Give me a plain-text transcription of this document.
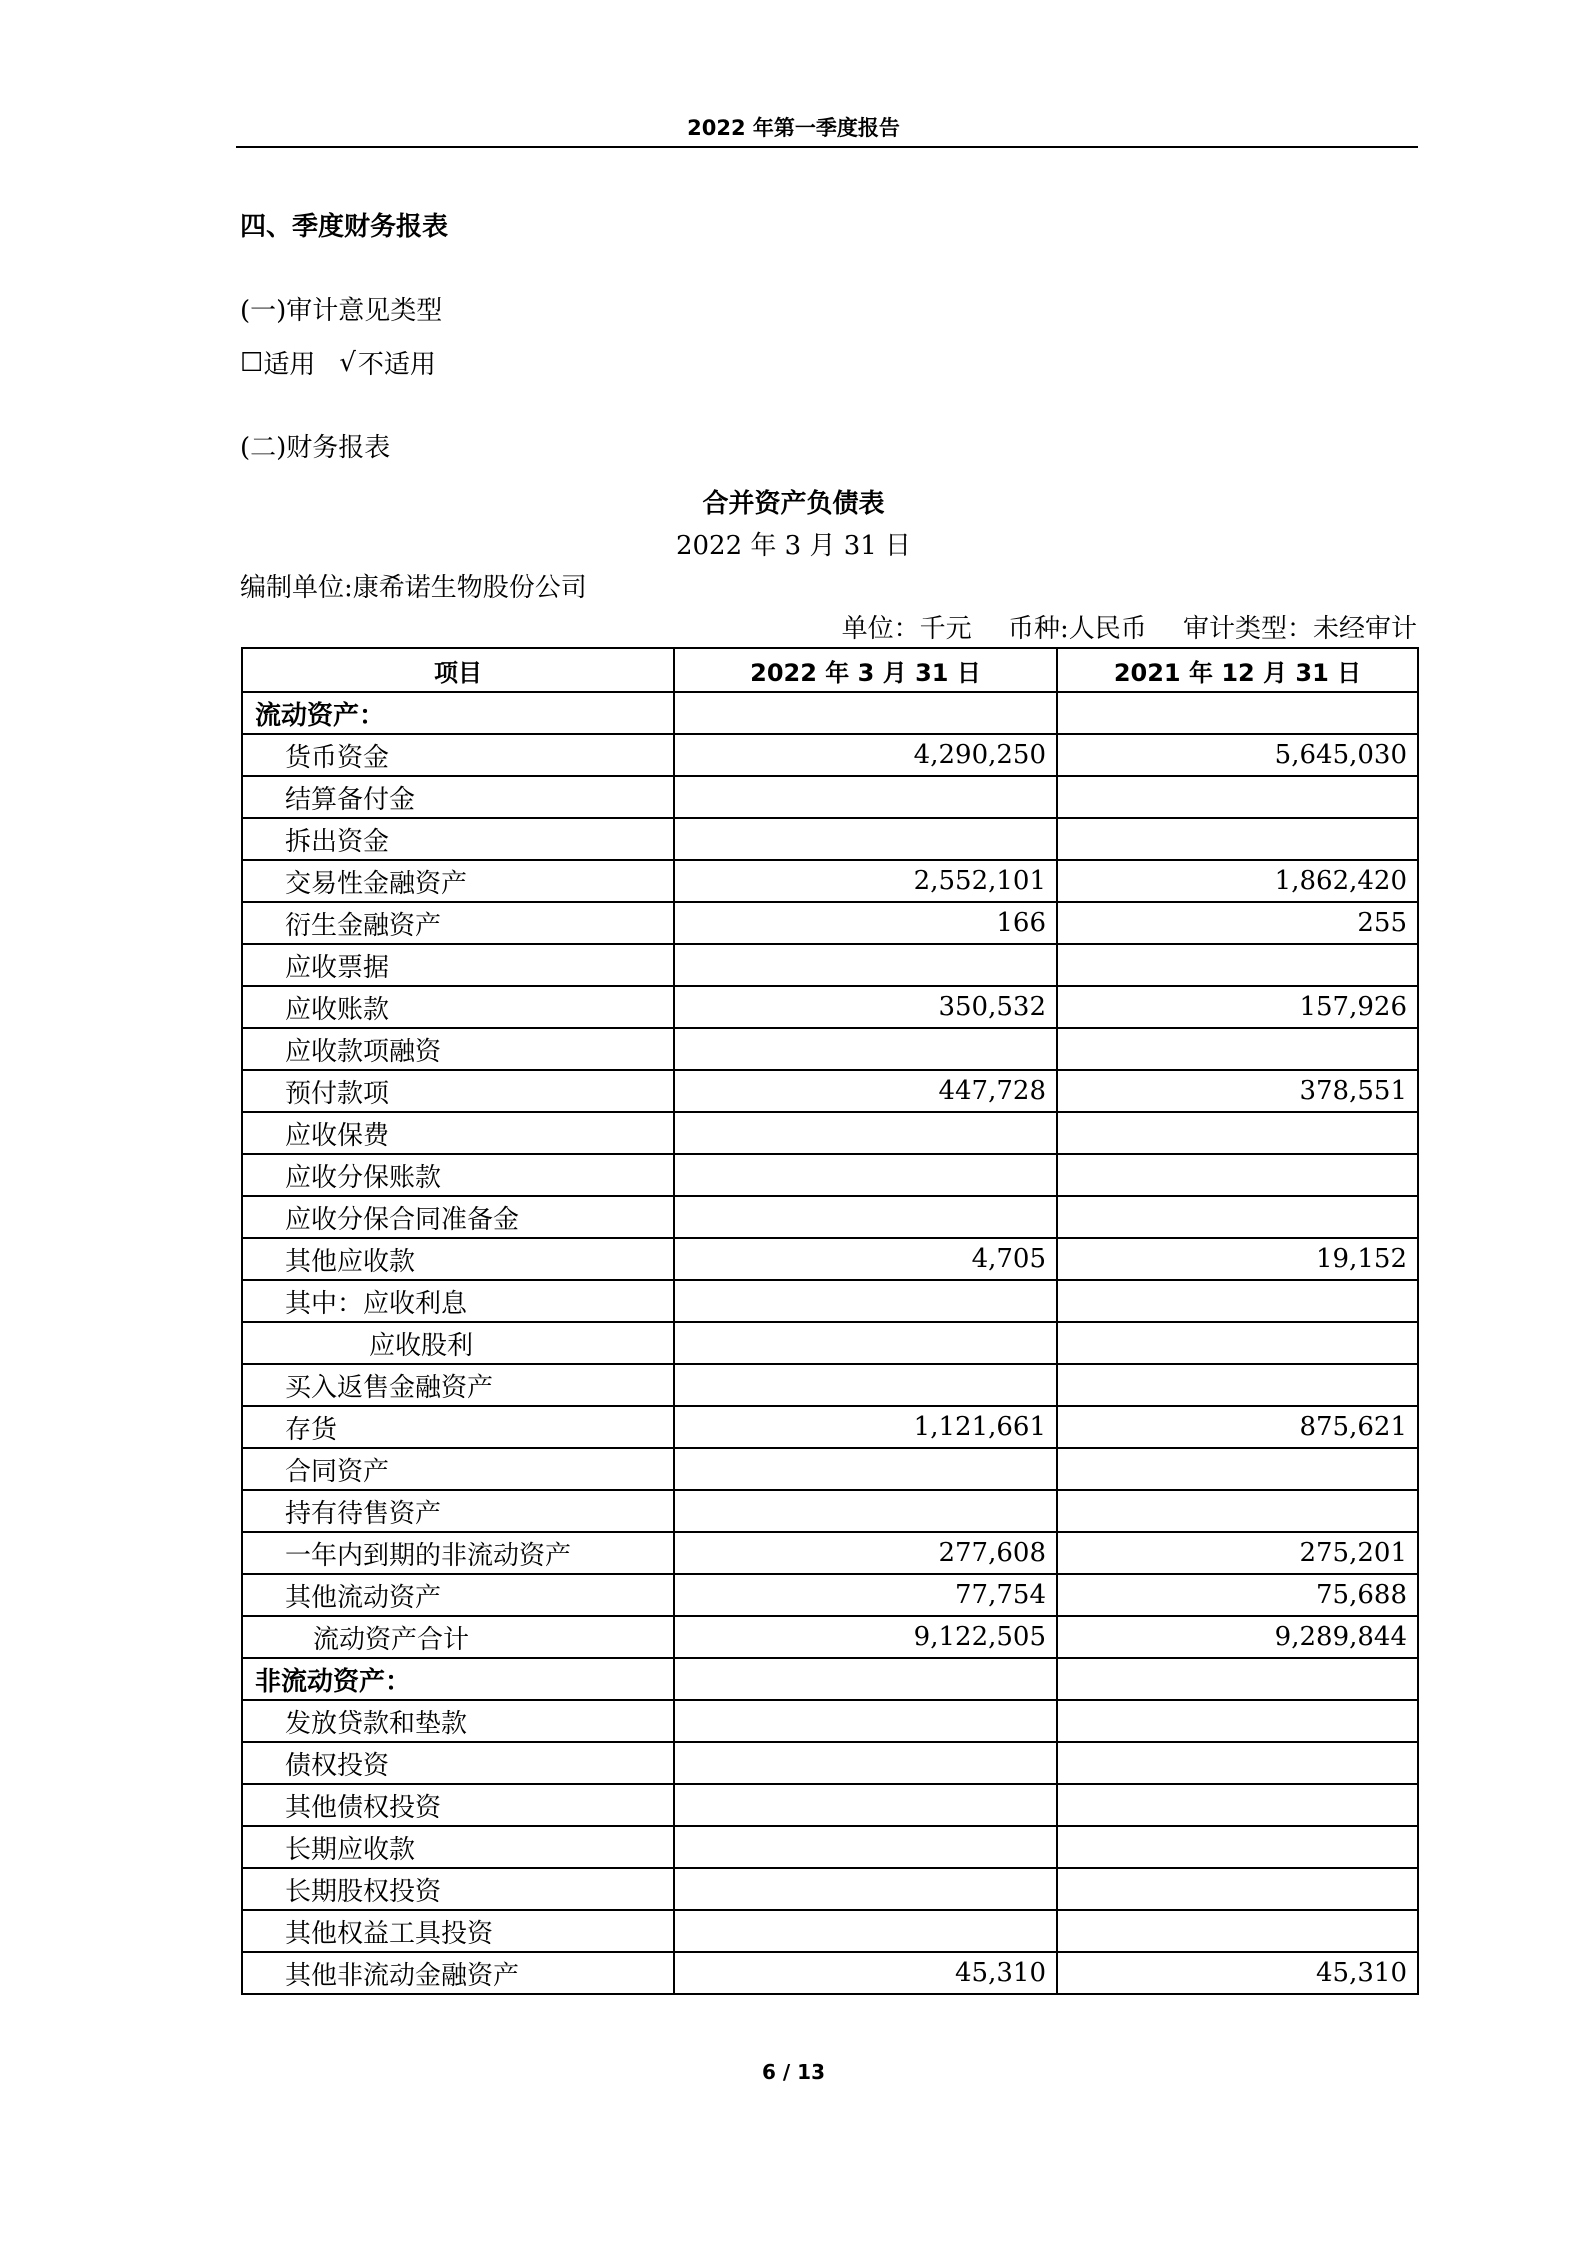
2022 年第一季度报告
四、季度财务报表
(一)审计意见类型
☐ 适用 √ 不适用
(二)财务报表
合并资产负债表
2022 年 3 月 31 日
编制单位:康希诺生物股份公司
单位：千元 币种:人民币 审计类型：未经审计
项目	2022 年 3 月 31 日	2021 年 12 月 31 日
流动资产：		
货币资金	4,290,250	5,645,030
结算备付金		
拆出资金		
交易性金融资产	2,552,101	1,862,420
衍生金融资产	166	255
应收票据		
应收账款	350,532	157,926
应收款项融资		
预付款项	447,728	378,551
应收保费		
应收分保账款		
应收分保合同准备金		
其他应收款	4,705	19,152
其中：应收利息		
应收股利		
买入返售金融资产		
存货	1,121,661	875,621
合同资产		
持有待售资产		
一年内到期的非流动资产	277,608	275,201
其他流动资产	77,754	75,688
流动资产合计	9,122,505	9,289,844
非流动资产：		
发放贷款和垫款		
债权投资		
其他债权投资		
长期应收款		
长期股权投资		
其他权益工具投资		
其他非流动金融资产	45,310	45,310
6 / 13
